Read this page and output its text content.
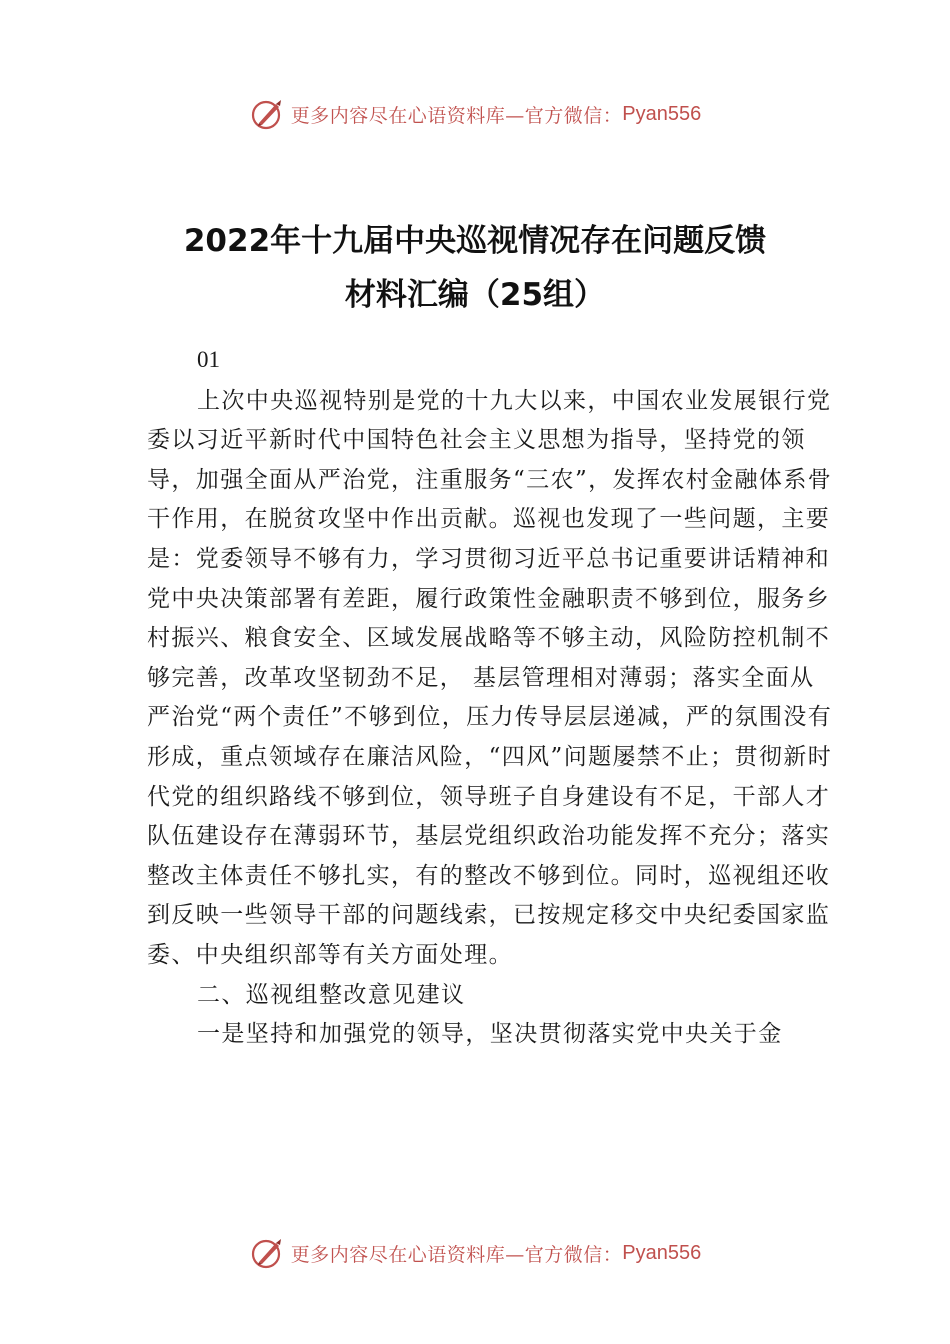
更多内容尽在心语资料库—官方微信： Pyan556
2022年十九届中央巡视情况存在问题反馈
材料汇编（25组）

01

上次中央巡视特别是党的十九大以来，中国农业发展银行党委以习近平新时代中国特色社会主义思想为指导，坚持党的领导，加强全面从严治党，注重服务“三农”，发挥农村金融体系骨干作用，在脱贫攻坚中作出贡献。巡视也发现了一些问题，主要是：党委领导不够有力，学习贯彻习近平总书记重要讲话精神和党中央决策部署有差距，履行政策性金融职责不够到位，服务乡村振兴、粮食安全、区域发展战略等不够主动，风险防控机制不够完善，改革攻坚韧劲不足， 基层管理相对薄弱；落实全面从严治党“两个责任”不够到位，压力传导层层递减，严的氛围没有形成，重点领域存在廉洁风险，“四风”问题屡禁不止；贯彻新时代党的组织路线不够到位，领导班子自身建设有不足，干部人才队伍建设存在薄弱环节，基层党组织政治功能发挥不充分；落实整改主体责任不够扎实，有的整改不够到位。同时，巡视组还收到反映一些领导干部的问题线索，已按规定移交中央纪委国家监委、中央组织部等有关方面处理。

二、巡视组整改意见建议

一是坚持和加强党的领导，坚决贯彻落实党中央关于金

更多内容尽在心语资料库—官方微信： Pyan556
